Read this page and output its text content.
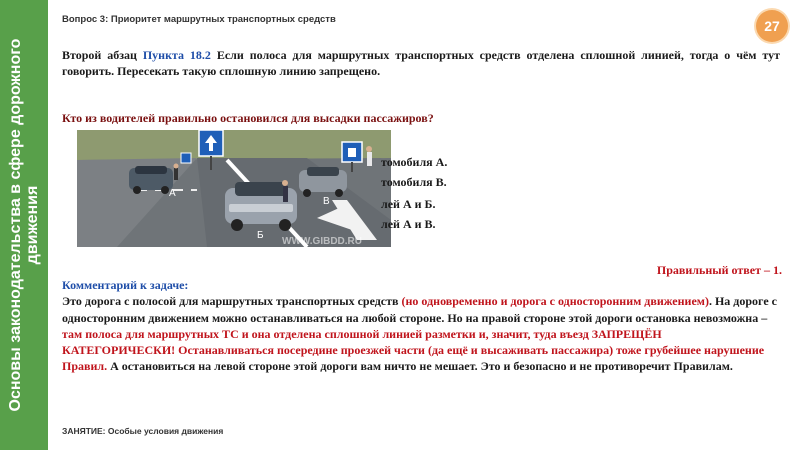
Основы законодательства в сфере дорожного движения
Вопрос 3: Приоритет маршрутных транспортных средств	27
Второй абзац Пункта 18.2 Если полоса для маршрутных транспортных средств отделена сплошной линией, тогда о чём тут говорить. Пересекать такую сплошную линию запрещено.
Кто из водителей правильно остановился для высадки пассажиров?
А
В
Б
WWW.GIBDD.RU
томобиля А.
томобиля В.
лей А и Б.
лей А и В.
Правильный ответ – 1.
Комментарий к задаче:
Это дорога с полосой для маршрутных транспортных средств (но одновременно и дорога с односторонним движением). На дороге с односторонним движением можно останавливаться на любой стороне. Но на правой стороне этой дороги остановка невозможна – там полоса для маршрутных ТС и она отделена сплошной линией разметки и, значит, туда въезд ЗАПРЕЩЁН КАТЕГОРИЧЕСКИ! Останавливаться посередине проезжей части (да ещё и высаживать пассажира) тоже грубейшее нарушение Правил. А остановиться на левой стороне этой дороги вам ничто не мешает. Это и безопасно и не противоречит Правилам.
ЗАНЯТИЕ: Особые условия движения
